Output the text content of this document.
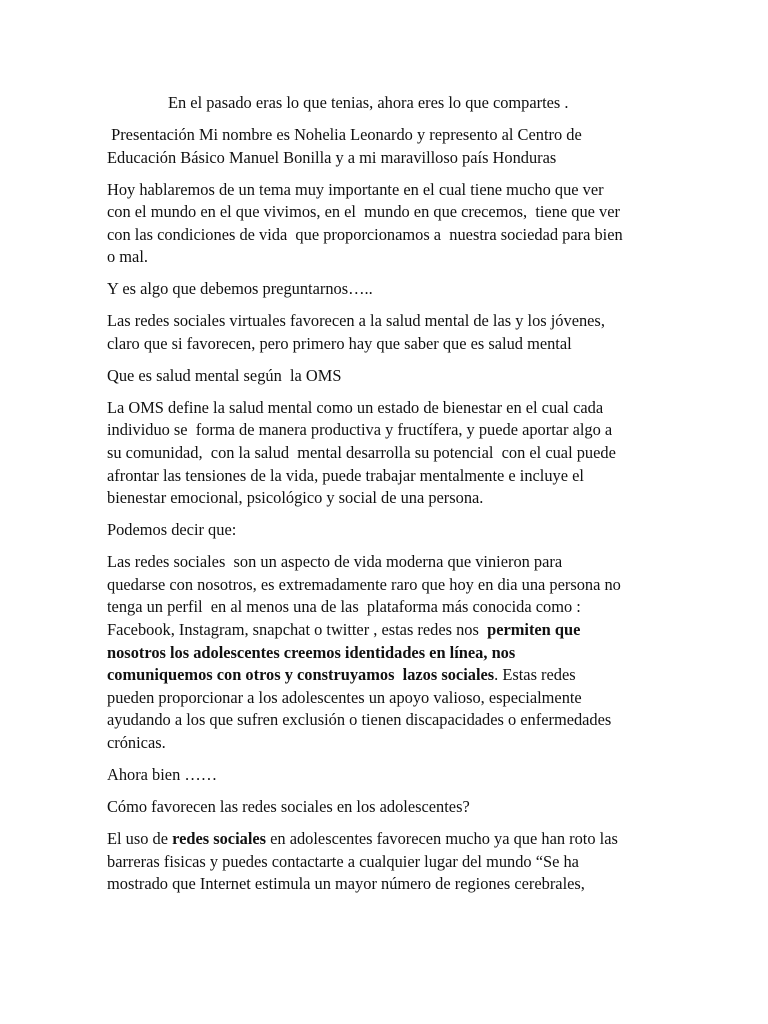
En el pasado eras lo que tenias, ahora eres lo que compartes .

Presentación Mi nombre es Nohelia Leonardo y represento al Centro de
Educación Básico Manuel Bonilla y a mi maravilloso país Honduras

Hoy hablaremos de un tema muy importante en el cual tiene mucho que ver
con el mundo en el que vivimos, en el  mundo en que crecemos,  tiene que ver
con las condiciones de vida  que proporcionamos a  nuestra sociedad para bien
o mal.

Y es algo que debemos preguntarnos…..

Las redes sociales virtuales favorecen a la salud mental de las y los jóvenes,
claro que si favorecen, pero primero hay que saber que es salud mental

Que es salud mental según  la OMS

La OMS define la salud mental como un estado de bienestar en el cual cada
individuo se  forma de manera productiva y fructífera, y puede aportar algo a
su comunidad,  con la salud  mental desarrolla su potencial  con el cual puede
afrontar las tensiones de la vida, puede trabajar mentalmente e incluye el
bienestar emocional, psicológico y social de una persona.

Podemos decir que:

Las redes sociales  son un aspecto de vida moderna que vinieron para
quedarse con nosotros, es extremadamente raro que hoy en dia una persona no
tenga un perfil  en al menos una de las  plataforma más conocida como :
Facebook, Instagram, snapchat o twitter , estas redes nos  permiten que
nosotros los adolescentes creemos identidades en línea, nos
comuniquemos con otros y construyamos  lazos sociales. Estas redes
pueden proporcionar a los adolescentes un apoyo valioso, especialmente
ayudando a los que sufren exclusión o tienen discapacidades o enfermedades
crónicas.

Ahora bien ……

Cómo favorecen las redes sociales en los adolescentes?

El uso de redes sociales en adolescentes favorecen mucho ya que han roto las
barreras fisicas y puedes contactarte a cualquier lugar del mundo “Se ha
mostrado que Internet estimula un mayor número de regiones cerebrales,
